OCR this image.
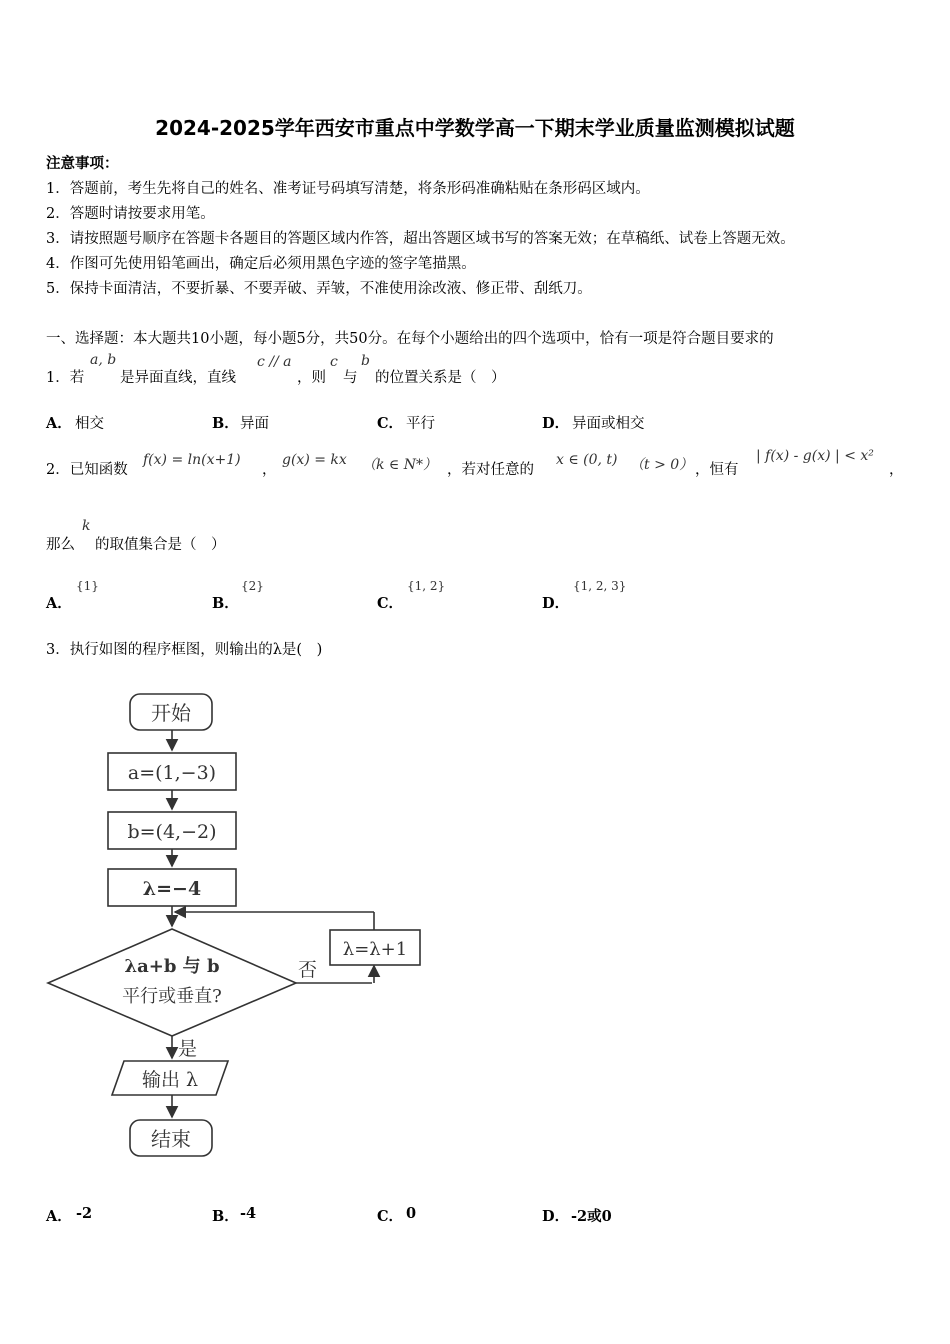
2024-2025学年西安市重点中学数学高一下期末学业质量监测模拟试题
注意事项：
1．答题前，考生先将自己的姓名、准考证号码填写清楚，将条形码准确粘贴在条形码区域内。
2．答题时请按要求用笔。
3．请按照题号顺序在答题卡各题目的答题区域内作答，超出答题区域书写的答案无效；在草稿纸、试卷上答题无效。
4．作图可先使用铅笔画出，确定后必须用黑色字迹的签字笔描黑。
5．保持卡面清洁，不要折暴、不要弄破、弄皱，不准使用涂改液、修正带、刮纸刀。
一、选择题：本大题共10小题，每小题5分，共50分。在每个小题给出的四个选项中，恰有一项是符合题目要求的
1．若
a, b
是异面直线，直线
c // a
，则
c
与
b
的位置关系是（　）
A． 相交	B． 异面	C． 平行	D． 异面或相交
2．已知函数
f(x) = ln(x+1)
，
g(x) = kx （k ∈ N*） ，若对任意的
x ∈ (0, t) （t > 0） ，恒有
| f(x) - g(x) | < x²
，
那么
k
的取值集合是（　）
A．
{1}
B．
{2}
C．
{1, 2}
D．
{1, 2, 3}
3．执行如图的程序框图，则输出的λ是(　)
开始
a=(1,−3)
b=(4,−2)
λ=−4
λa+b 与 b
平行或垂直?
否
λ=λ+1
是
输出 λ
结束
A． -2	B． -4	C． 0	D． -2或0
